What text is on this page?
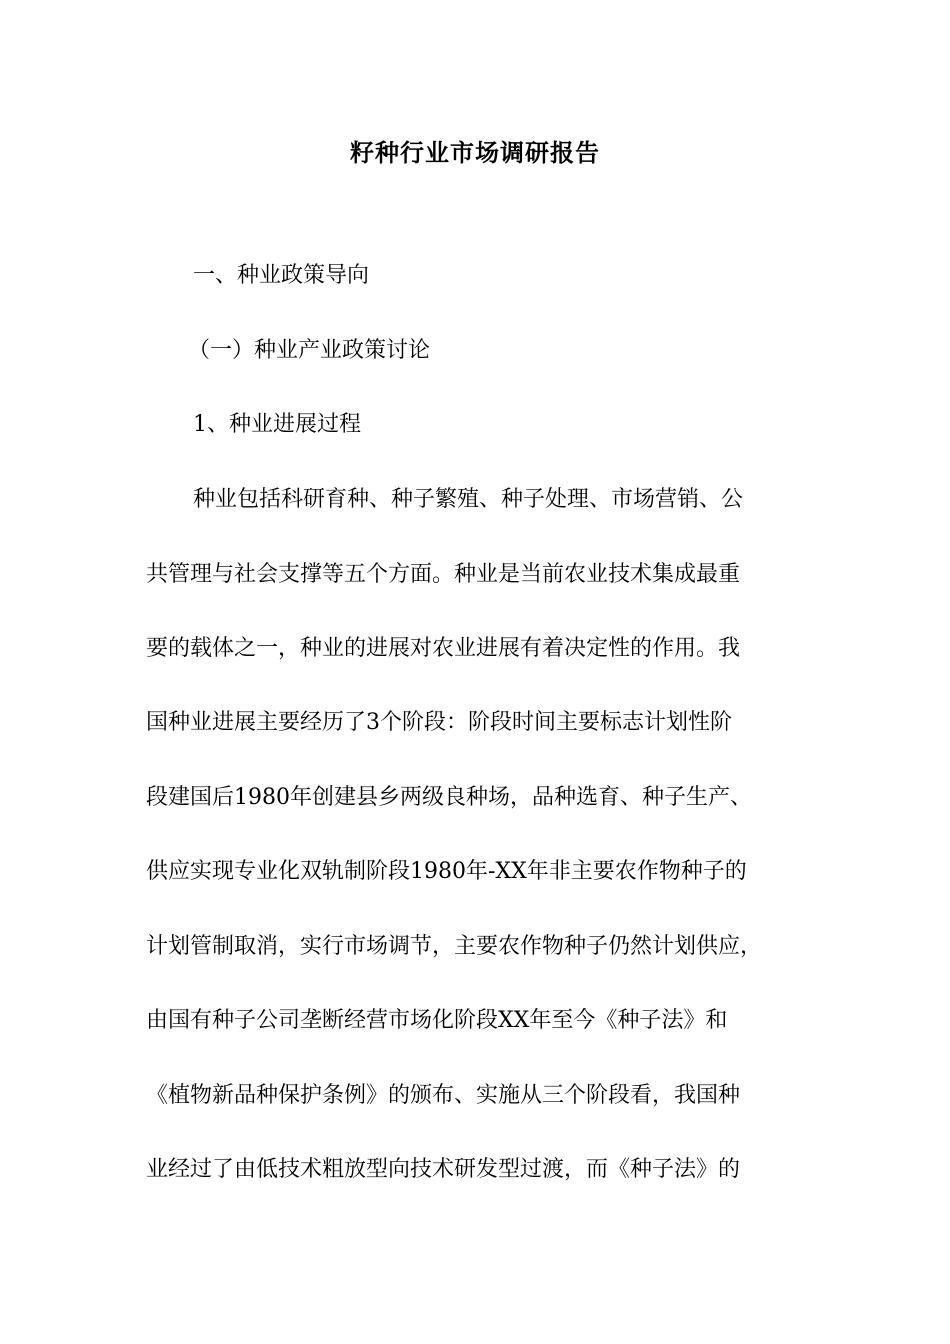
籽种行业市场调研报告
一、种业政策导向
（一）种业产业政策讨论
1、种业进展过程
种业包括科研育种、种子繁殖、种子处理、市场营销、公
共管理与社会支撑等五个方面。种业是当前农业技术集成最重
要的载体之一，种业的进展对农业进展有着决定性的作用。我
国种业进展主要经历了3个阶段：阶段时间主要标志计划性阶
段建国后1980年创建县乡两级良种场，品种选育、种子生产、
供应实现专业化双轨制阶段1980年-XX年非主要农作物种子的
计划管制取消，实行市场调节，主要农作物种子仍然计划供应，
由国有种子公司垄断经营市场化阶段XX年至今《种子法》和
《植物新品种保护条例》的颁布、实施从三个阶段看，我国种
业经过了由低技术粗放型向技术研发型过渡，而《种子法》的
